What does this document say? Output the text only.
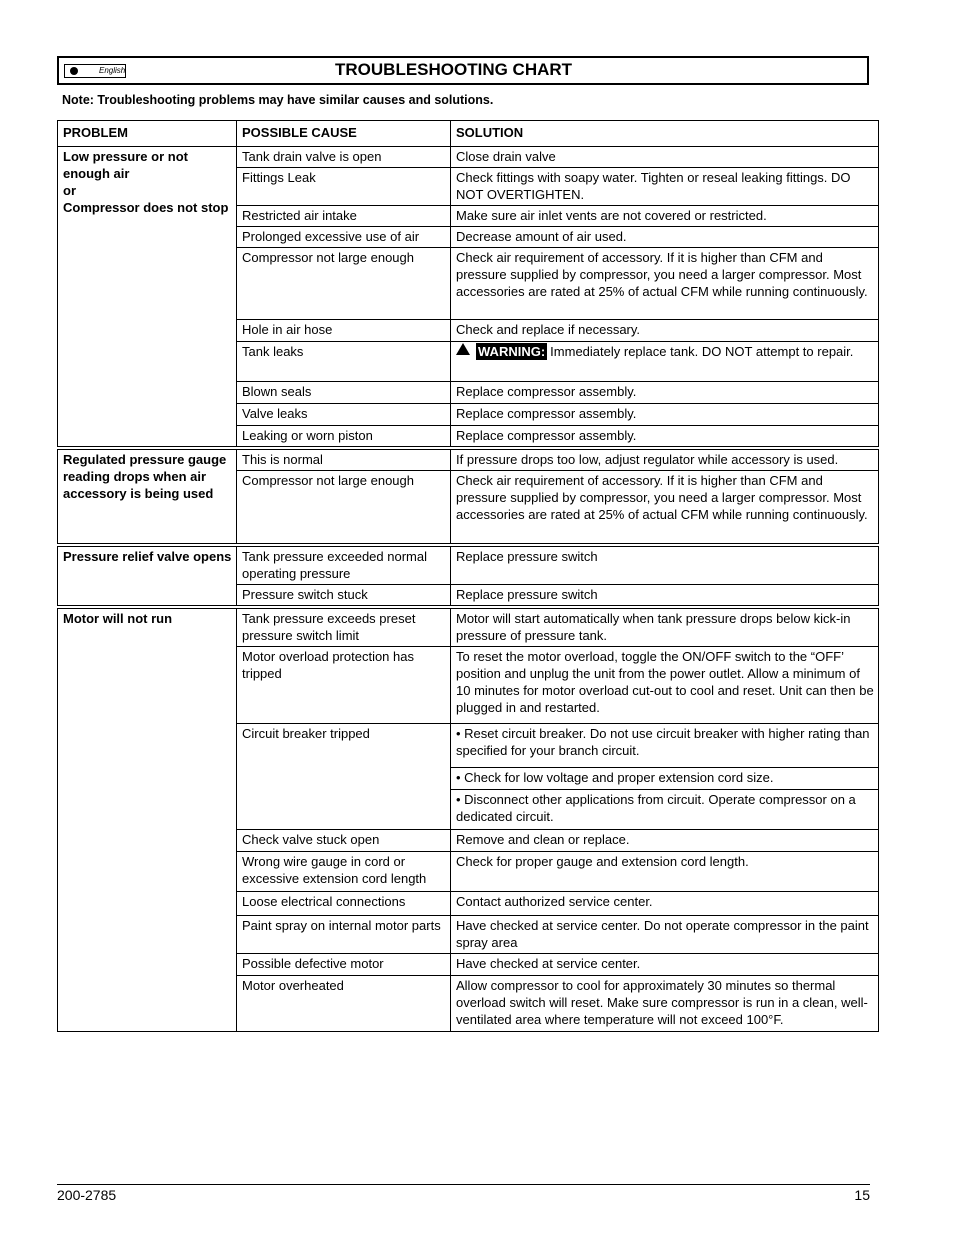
English	TROUBLESHOOTING CHART
Note: Troubleshooting problems may have similar causes and solutions.
PROBLEM	POSSIBLE CAUSE	SOLUTION
Low pressure or not enough air
or
Compressor does not stop	Tank drain valve is open	Close drain valve
	Fittings Leak	Check fittings with soapy water. Tighten or reseal leaking fittings. DO NOT OVERTIGHTEN.
	Restricted air intake	Make sure air inlet vents are not covered or restricted.
	Prolonged excessive use of air	Decrease amount of air used.
	Compressor not large enough	Check air requirement of accessory. If it is higher than CFM and pressure supplied by compressor, you need a larger compressor. Most accessories are rated at 25% of actual CFM while running continuously.
	Hole in air hose	Check and replace if necessary.
	Tank leaks	WARNING: Immediately replace tank. DO NOT attempt to repair.

	Blown seals	Replace compressor assembly.
	Valve leaks	Replace compressor assembly.
	Leaking or worn piston	Replace compressor assembly.
Regulated pressure gauge reading drops when air accessory is being used	This is normal	If pressure drops too low, adjust regulator while accessory is used.
	Compressor not large enough	Check air requirement of accessory. If it is higher than CFM and pressure supplied by compressor, you need a larger compressor. Most accessories are rated at 25% of actual CFM while running continuously.
Pressure relief valve opens	Tank pressure exceeded normal operating pressure	Replace pressure switch
	Pressure switch stuck	Replace pressure switch
Motor will not run	Tank pressure exceeds preset pressure switch limit	Motor will start automatically when tank pressure drops below kick-in pressure of pressure tank.
	Motor overload protection has tripped	To reset the motor overload, toggle the ON/OFF switch to the “OFF’ position and unplug the unit from the power outlet. Allow a minimum of 10 minutes for motor overload cut-out to cool and reset. Unit can then be plugged in and restarted.
	Circuit breaker tripped	• Reset circuit breaker. Do not use circuit breaker with higher rating than specified for your branch circuit.
		• Check for low voltage and proper extension cord size.
		• Disconnect other applications from circuit. Operate compressor on a dedicated circuit.
	Check valve stuck open	Remove and clean or replace.
	Wrong wire gauge in cord or excessive extension cord length	Check for proper gauge and extension cord length.
	Loose electrical connections	Contact authorized service center.
	Paint spray on internal motor parts	Have checked at service center. Do not operate compressor in the paint spray area
	Possible defective motor	Have checked at service center.
	Motor overheated	Allow compressor to cool for approximately 30 minutes so thermal overload switch will reset. Make sure compressor is run in a clean, well-ventilated area where temperature will not exceed 100°F.
200-2785	15
